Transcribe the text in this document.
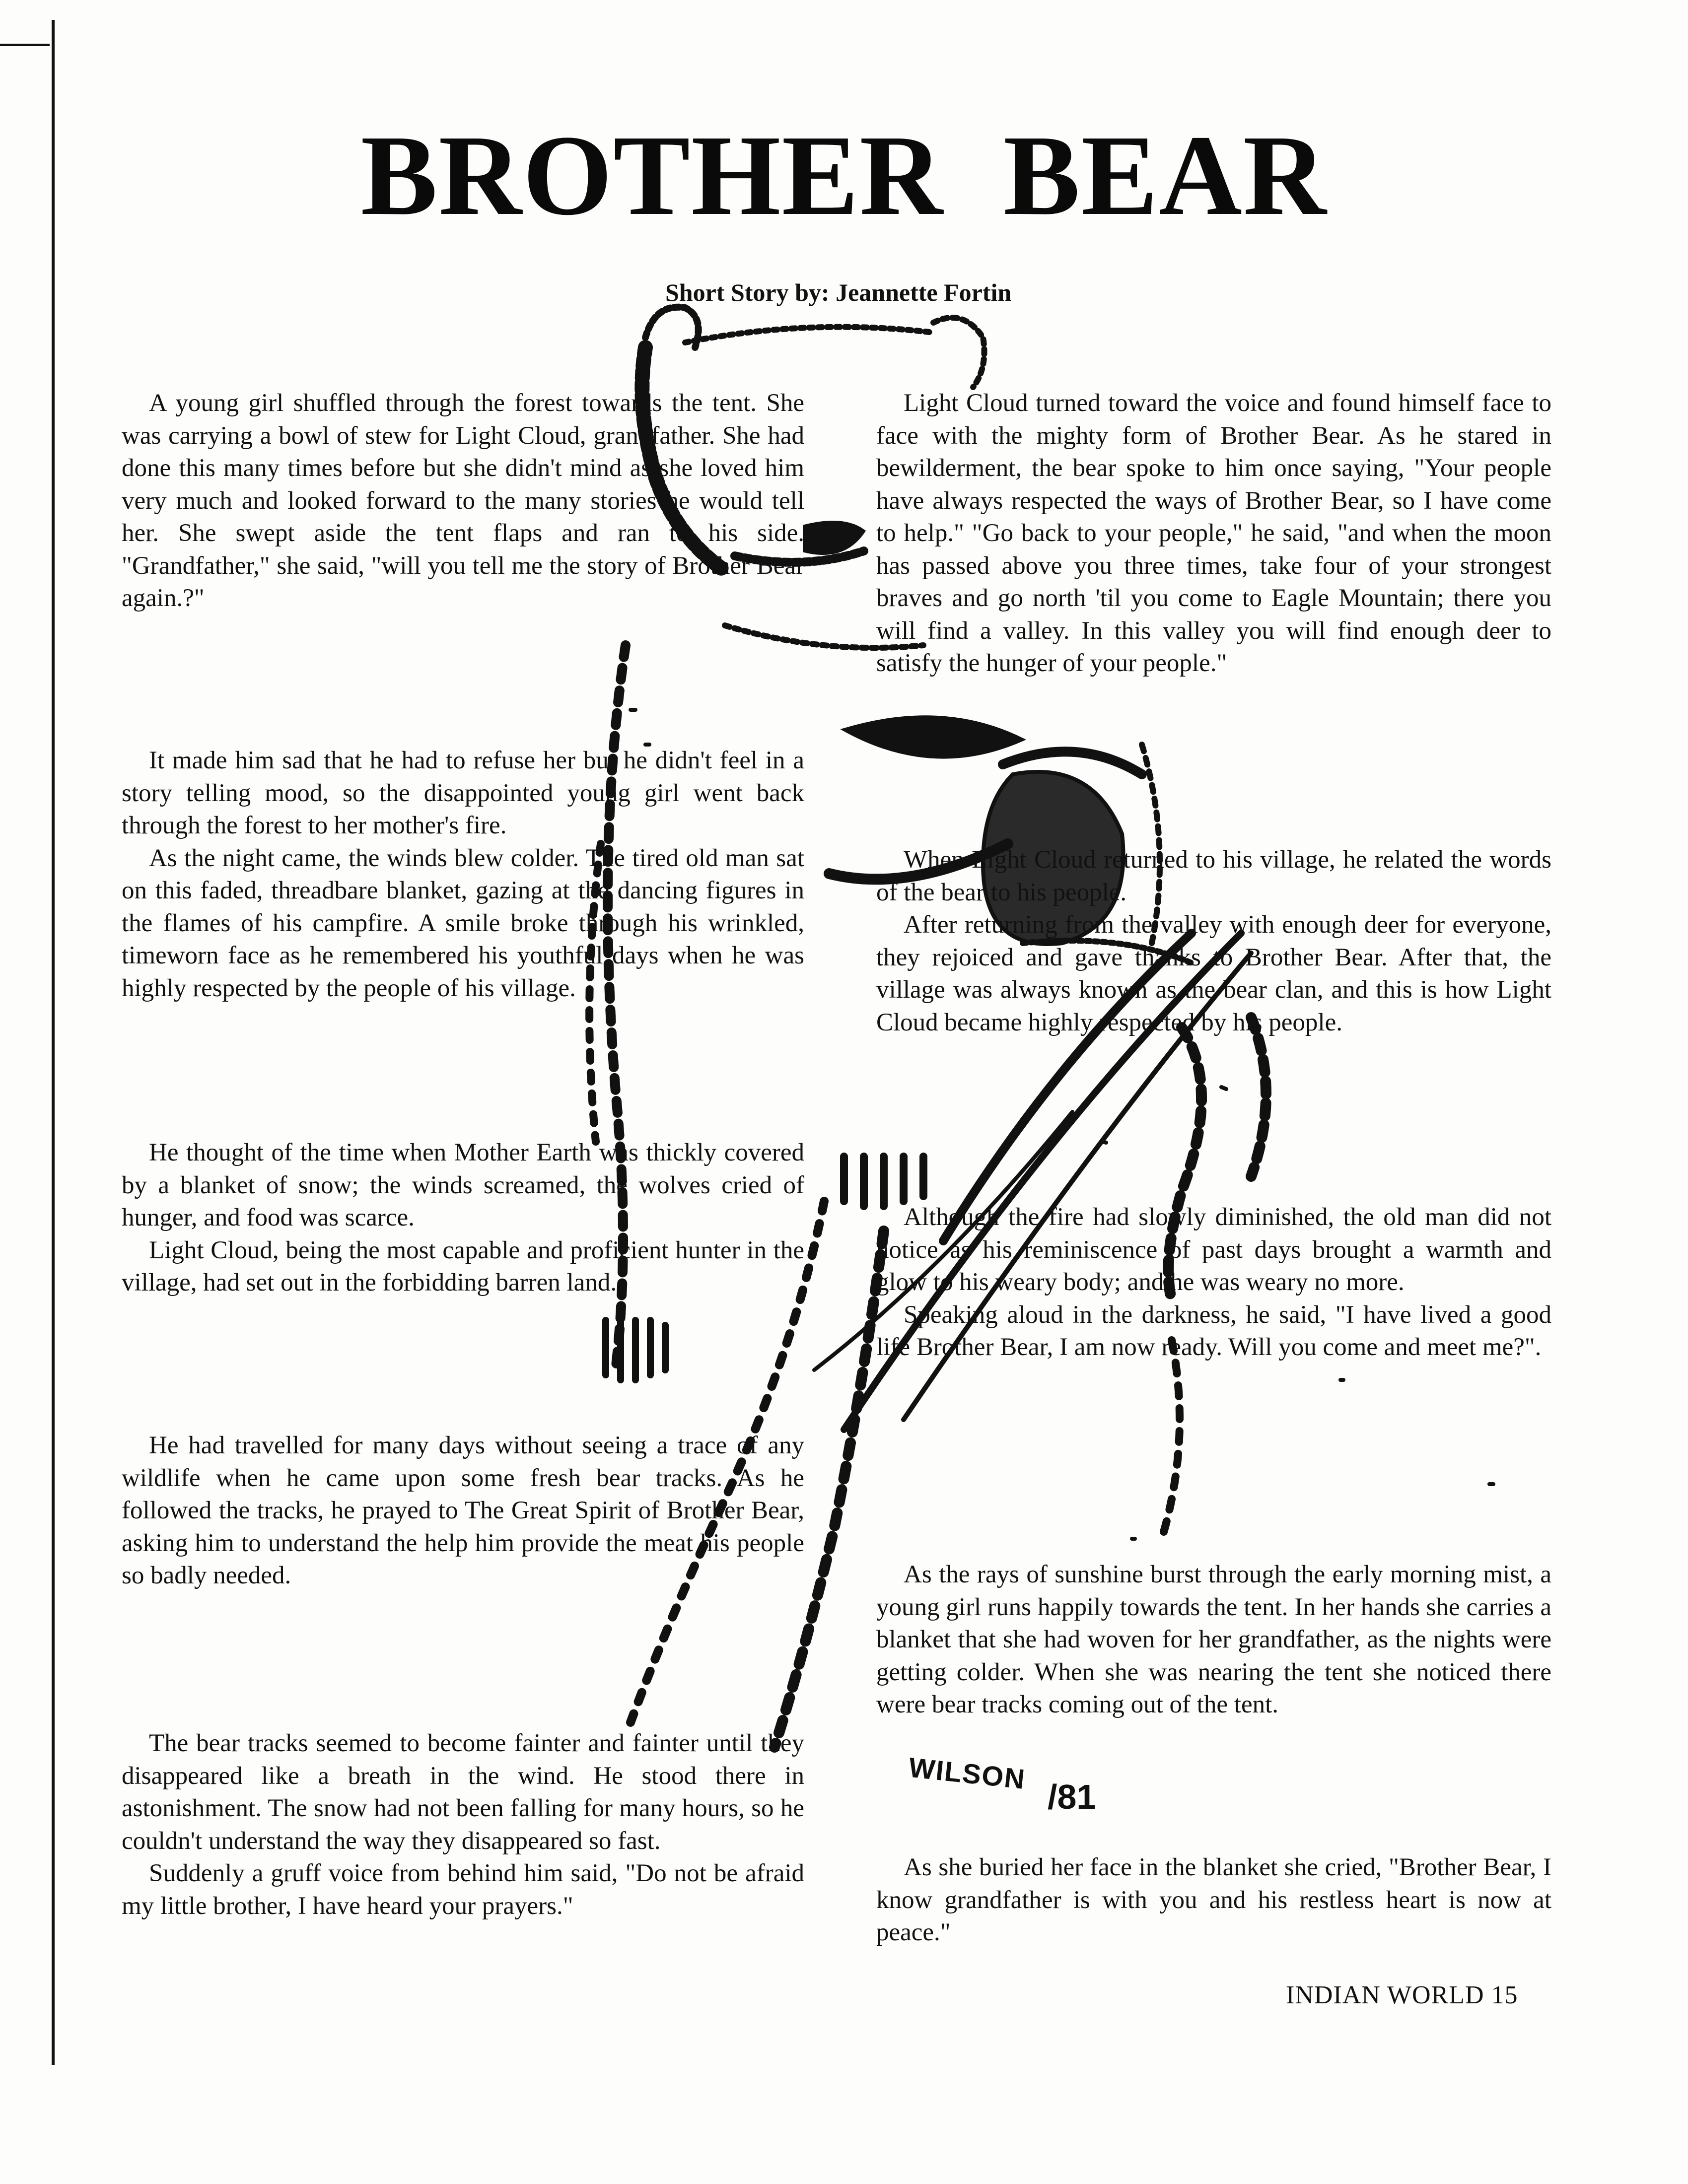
BROTHER BEAR
Short Story by: Jeannette Fortin

A young girl shuffled through the forest towards the tent. She was carrying a bowl of stew for Light Cloud, grandfather. She had done this many times before but she didn't mind as she loved him very much and looked forward to the many stories he would tell her. She swept aside the tent flaps and ran to his side. "Grandfather," she said, "will you tell me the story of Brother Bear again.?"

It made him sad that he had to refuse her but he didn't feel in a story telling mood, so the disappointed young girl went back through the forest to her mother's fire.

As the night came, the winds blew colder. The tired old man sat on this faded, threadbare blanket, gazing at the dancing figures in the flames of his campfire. A smile broke through his wrinkled, timeworn face as he remembered his youthful days when he was highly respected by the people of his village.

He thought of the time when Mother Earth was thickly covered by a blanket of snow; the winds screamed, the wolves cried of hunger, and food was scarce.

Light Cloud, being the most capable and proficient hunter in the village, had set out in the forbidding barren land.

He had travelled for many days without seeing a trace of any wildlife when he came upon some fresh bear tracks. As he followed the tracks, he prayed to The Great Spirit of Brother Bear, asking him to understand the help him provide the meat his people so badly needed.

The bear tracks seemed to become fainter and fainter until they disappeared like a breath in the wind. He stood there in astonishment. The snow had not been falling for many hours, so he couldn't understand the way they disappeared so fast.

Suddenly a gruff voice from behind him said, "Do not be afraid my little brother, I have heard your prayers."

Light Cloud turned toward the voice and found himself face to face with the mighty form of Brother Bear. As he stared in bewilderment, the bear spoke to him once saying, "Your people have always respected the ways of Brother Bear, so I have come to help." "Go back to your people," he said, "and when the moon has passed above you three times, take four of your strongest braves and go north 'til you come to Eagle Mountain; there you will find a valley. In this valley you will find enough deer to satisfy the hunger of your people."

When Light Cloud returned to his village, he related the words of the bear to his people.

After returning from the valley with enough deer for everyone, they rejoiced and gave thanks to Brother Bear. After that, the village was always known as the bear clan, and this is how Light Cloud became highly respected by his people.

Although the fire had slowly diminished, the old man did not notice as his reminiscence of past days brought a warmth and glow to his weary body; and he was weary no more.

Speaking aloud in the darkness, he said, "I have lived a good life Brother Bear, I am now ready. Will you come and meet me?".

As the rays of sunshine burst through the early morning mist, a young girl runs happily towards the tent. In her hands she carries a blanket that she had woven for her grandfather, as the nights were getting colder. When she was nearing the tent she noticed there were bear tracks coming out of the tent.

As she buried her face in the blanket she cried, "Brother Bear, I know grandfather is with you and his restless heart is now at peace."

WILSON
/81
INDIAN WORLD 15
